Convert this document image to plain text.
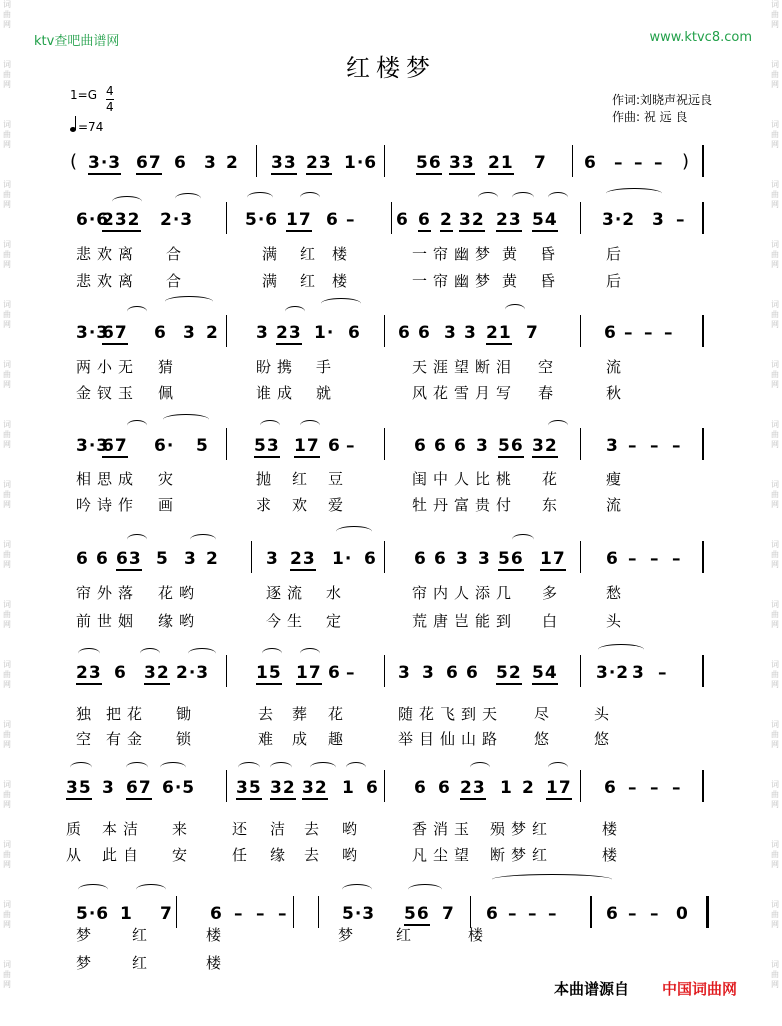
词
曲
网
词
曲
网
词
曲
网
词
曲
网
词
曲
网
词
曲
网
词
曲
网
词
曲
网
词
曲
网
词
曲
网
词
曲
网
词
曲
网
词
曲
网
词
曲
网
词
曲
网
词
曲
网
词
曲
网
词
曲
网
词
曲
网
词
曲
网
词
曲
网
词
曲
网
词
曲
网
词
曲
网
词
曲
网
词
曲
网
词
曲
网
词
曲
网
词
曲
网
词
曲
网
词
曲
网
词
曲
网
词
曲
网
词
曲
网
ktv查吧曲谱网	www.ktvc8.com
红楼梦
$1=G \frac{4}{4}$
=74
作词:刘晓声祝远良
作曲: 祝 远 良
(	)
3·3 67 6 3 2 33 23 1·6 56 33 21 7 6 – – –
6·6
232 2·3	5·6 17 6 – 6 6 2 32 23 54	3·2 3 –
3·3
67 6 3 2 3 23 1· 6 6 6 3 3 21 7	6 – – –
3·3
67 6· 5	53 17 6 –	6 6 6 3 56 32	3 – – –
6 6 63 5 3 2	3 23 1· 6 6 6 3 3 56 17 6 – – –
23 6 32 2·3	15 17 6 –	3 3 6 6 52 54 3·2 3 –
35 3 67 6·5 35 32 32 1 6 6 6 23 1 2 17 6 – – –
5·6 1 7 6 – – –	5·3 56 7 6 – – –	6 – – 0
本曲谱源自 中国词曲网
悲欢离 合	满 红 楼	一帘幽梦 黄 昏	后
悲欢离 合	满 红 楼	一帘幽梦 黄 昏	后
两小无 猜	盼携 手	天涯望断泪 空	流
金钗玉 佩	谁成 就	风花雪月写 春	秋
相思成 灾	抛 红 豆	闺中人比桃 花	瘦
吟诗作 画	求 欢 爱	牡丹富贵付 东	流
帘外落 花哟	逐流 水	帘内人添几 多	愁
前世姻 缘哟	今生 定	荒唐岂能到 白	头
独 把花 锄	去 葬 花	随花飞到天 尽	头
空 有金 锁	难 成 趣	举目仙山路 悠	悠
质 本洁 来	还 洁 去 哟	香消玉 殒梦红	楼
从 此自 安	任 缘 去 哟	凡尘望 断梦红	楼
梦 红	楼	梦 红	楼
梦 红	楼
